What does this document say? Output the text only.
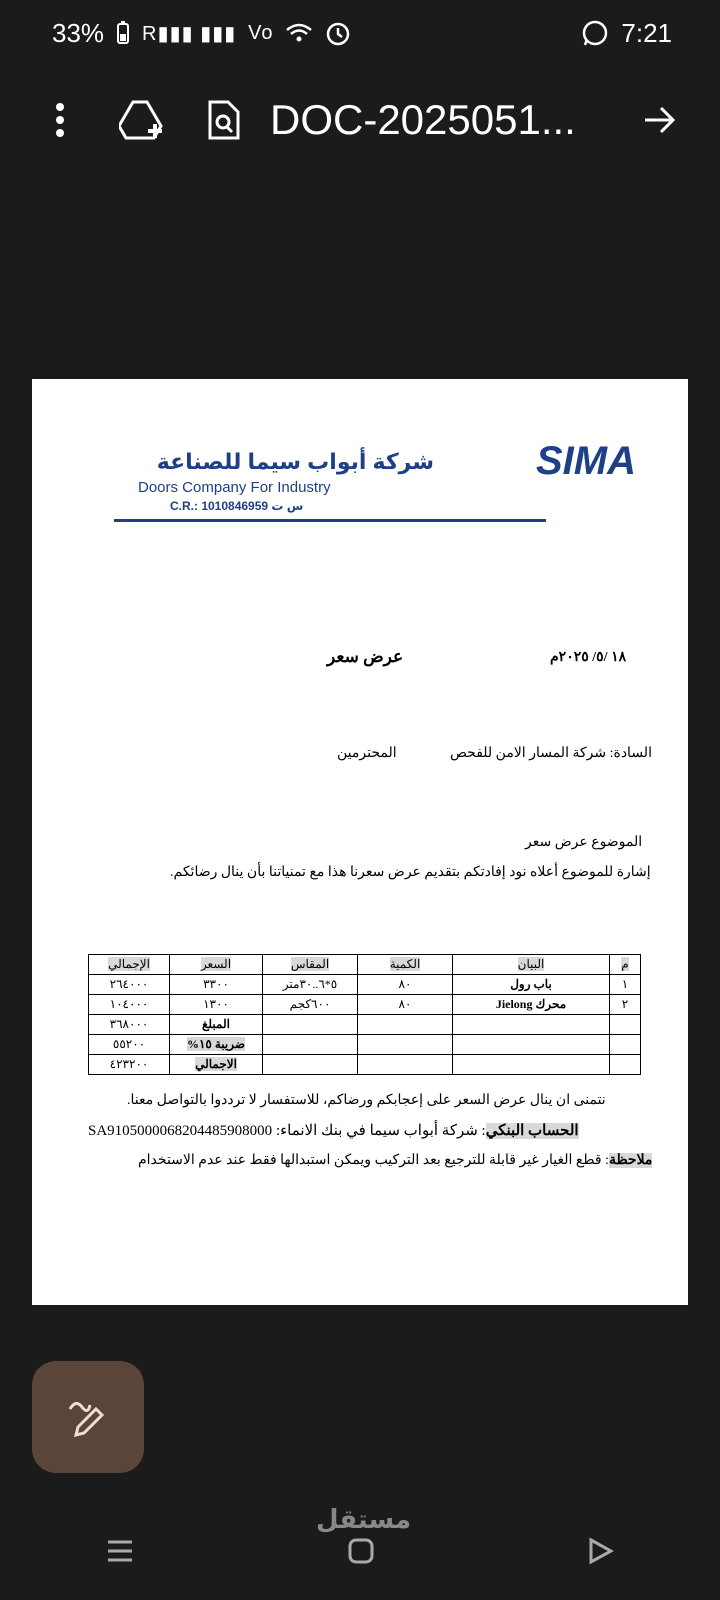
33% R▮▮▮ ▮▮▮ Vo	7:21
DOC-2025051...
شركة أبواب سيما للصناعة
Doors Company For Industry
C.R.: 1010846959 س ت
SIMA
١٨ /٥/ ٢٠٢٥م
عرض سعر
السادة: شركة المسار الامن للفحص
المحترمين
الموضوع عرض سعر
إشارة للموضوع أعلاه نود إفادتكم بتقديم عرض سعرنا هذا مع تمنياتنا بأن ينال رضائكم.
م	البيان	الكمية	المقاس	السعر	الإجمالي
١	باب رول	٨٠	٥*٦..٣٠متر	٣٣٠٠	٢٦٤٠٠٠
٢	محرك Jielong	٨٠	٦٠٠كجم	١٣٠٠	١٠٤٠٠٠
				المبلغ	٣٦٨٠٠٠
				ضريبة ١٥%	٥٥٢٠٠
				الاجمالي	٤٢٣٢٠٠
نتمنى ان ينال عرض السعر على إعجابكم ورضاكم، للاستفسار لا ترددوا بالتواصل معنا.
الحساب البنكي: شركة أبواب سيما في بنك الانماء: SA9105000068204485908000
ملاحظة: قطع الغيار غير قابلة للترجيع بعد التركيب ويمكن استبدالها فقط عند عدم الاستخدام
مستقل
